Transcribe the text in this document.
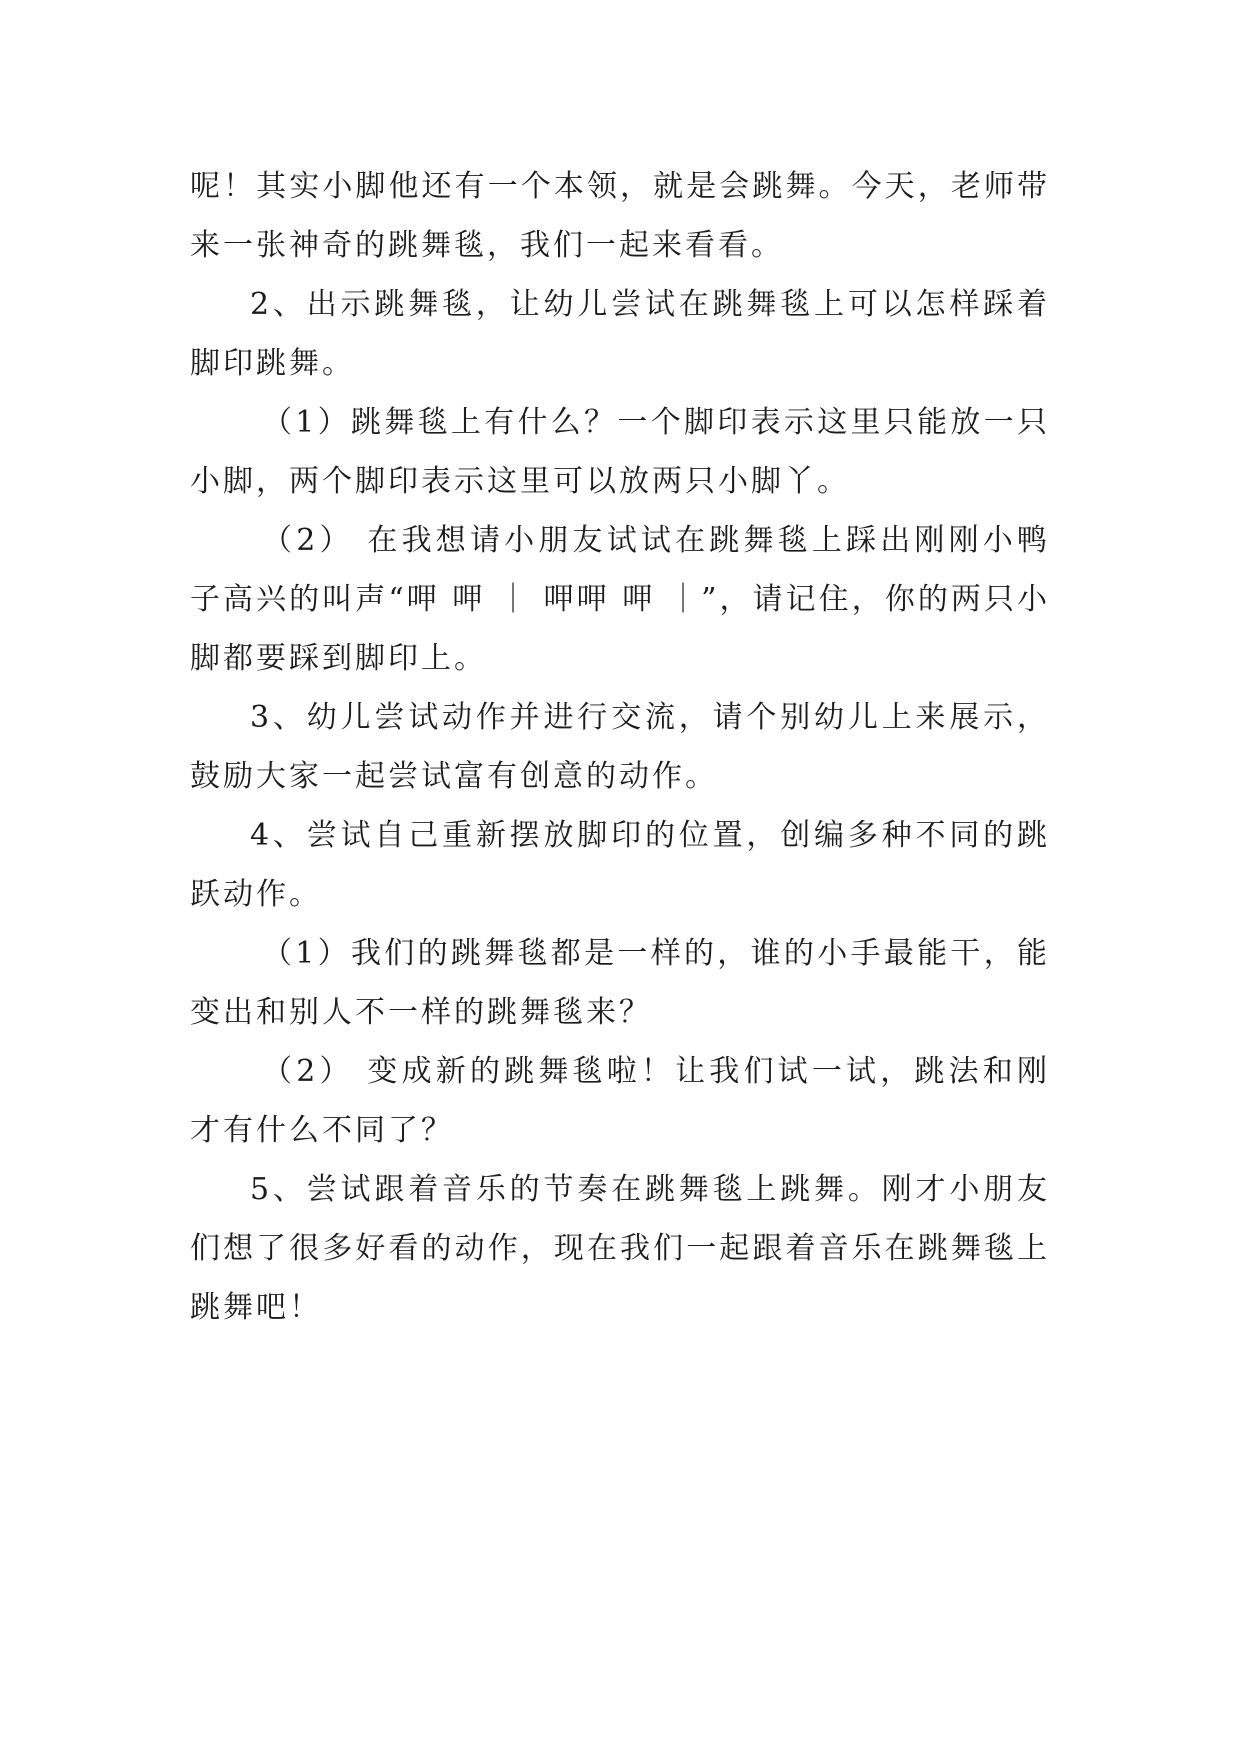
呢！其实小脚他还有一个本领，就是会跳舞。今天，老师带来一张神奇的跳舞毯，我们一起来看看。

2、出示跳舞毯，让幼儿尝试在跳舞毯上可以怎样踩着脚印跳舞。

（1）跳舞毯上有什么？一个脚印表示这里只能放一只小脚，两个脚印表示这里可以放两只小脚丫。

（2） 在我想请小朋友试试在跳舞毯上踩出刚刚小鸭子高兴的叫声“呷 呷 ｜ 呷呷 呷 ｜”，请记住，你的两只小脚都要踩到脚印上。

3、幼儿尝试动作并进行交流，请个别幼儿上来展示，鼓励大家一起尝试富有创意的动作。

4、尝试自己重新摆放脚印的位置，创编多种不同的跳跃动作。

（1）我们的跳舞毯都是一样的，谁的小手最能干，能变出和别人不一样的跳舞毯来？

（2） 变成新的跳舞毯啦！让我们试一试，跳法和刚才有什么不同了？

5、尝试跟着音乐的节奏在跳舞毯上跳舞。刚才小朋友们想了很多好看的动作，现在我们一起跟着音乐在跳舞毯上跳舞吧！
